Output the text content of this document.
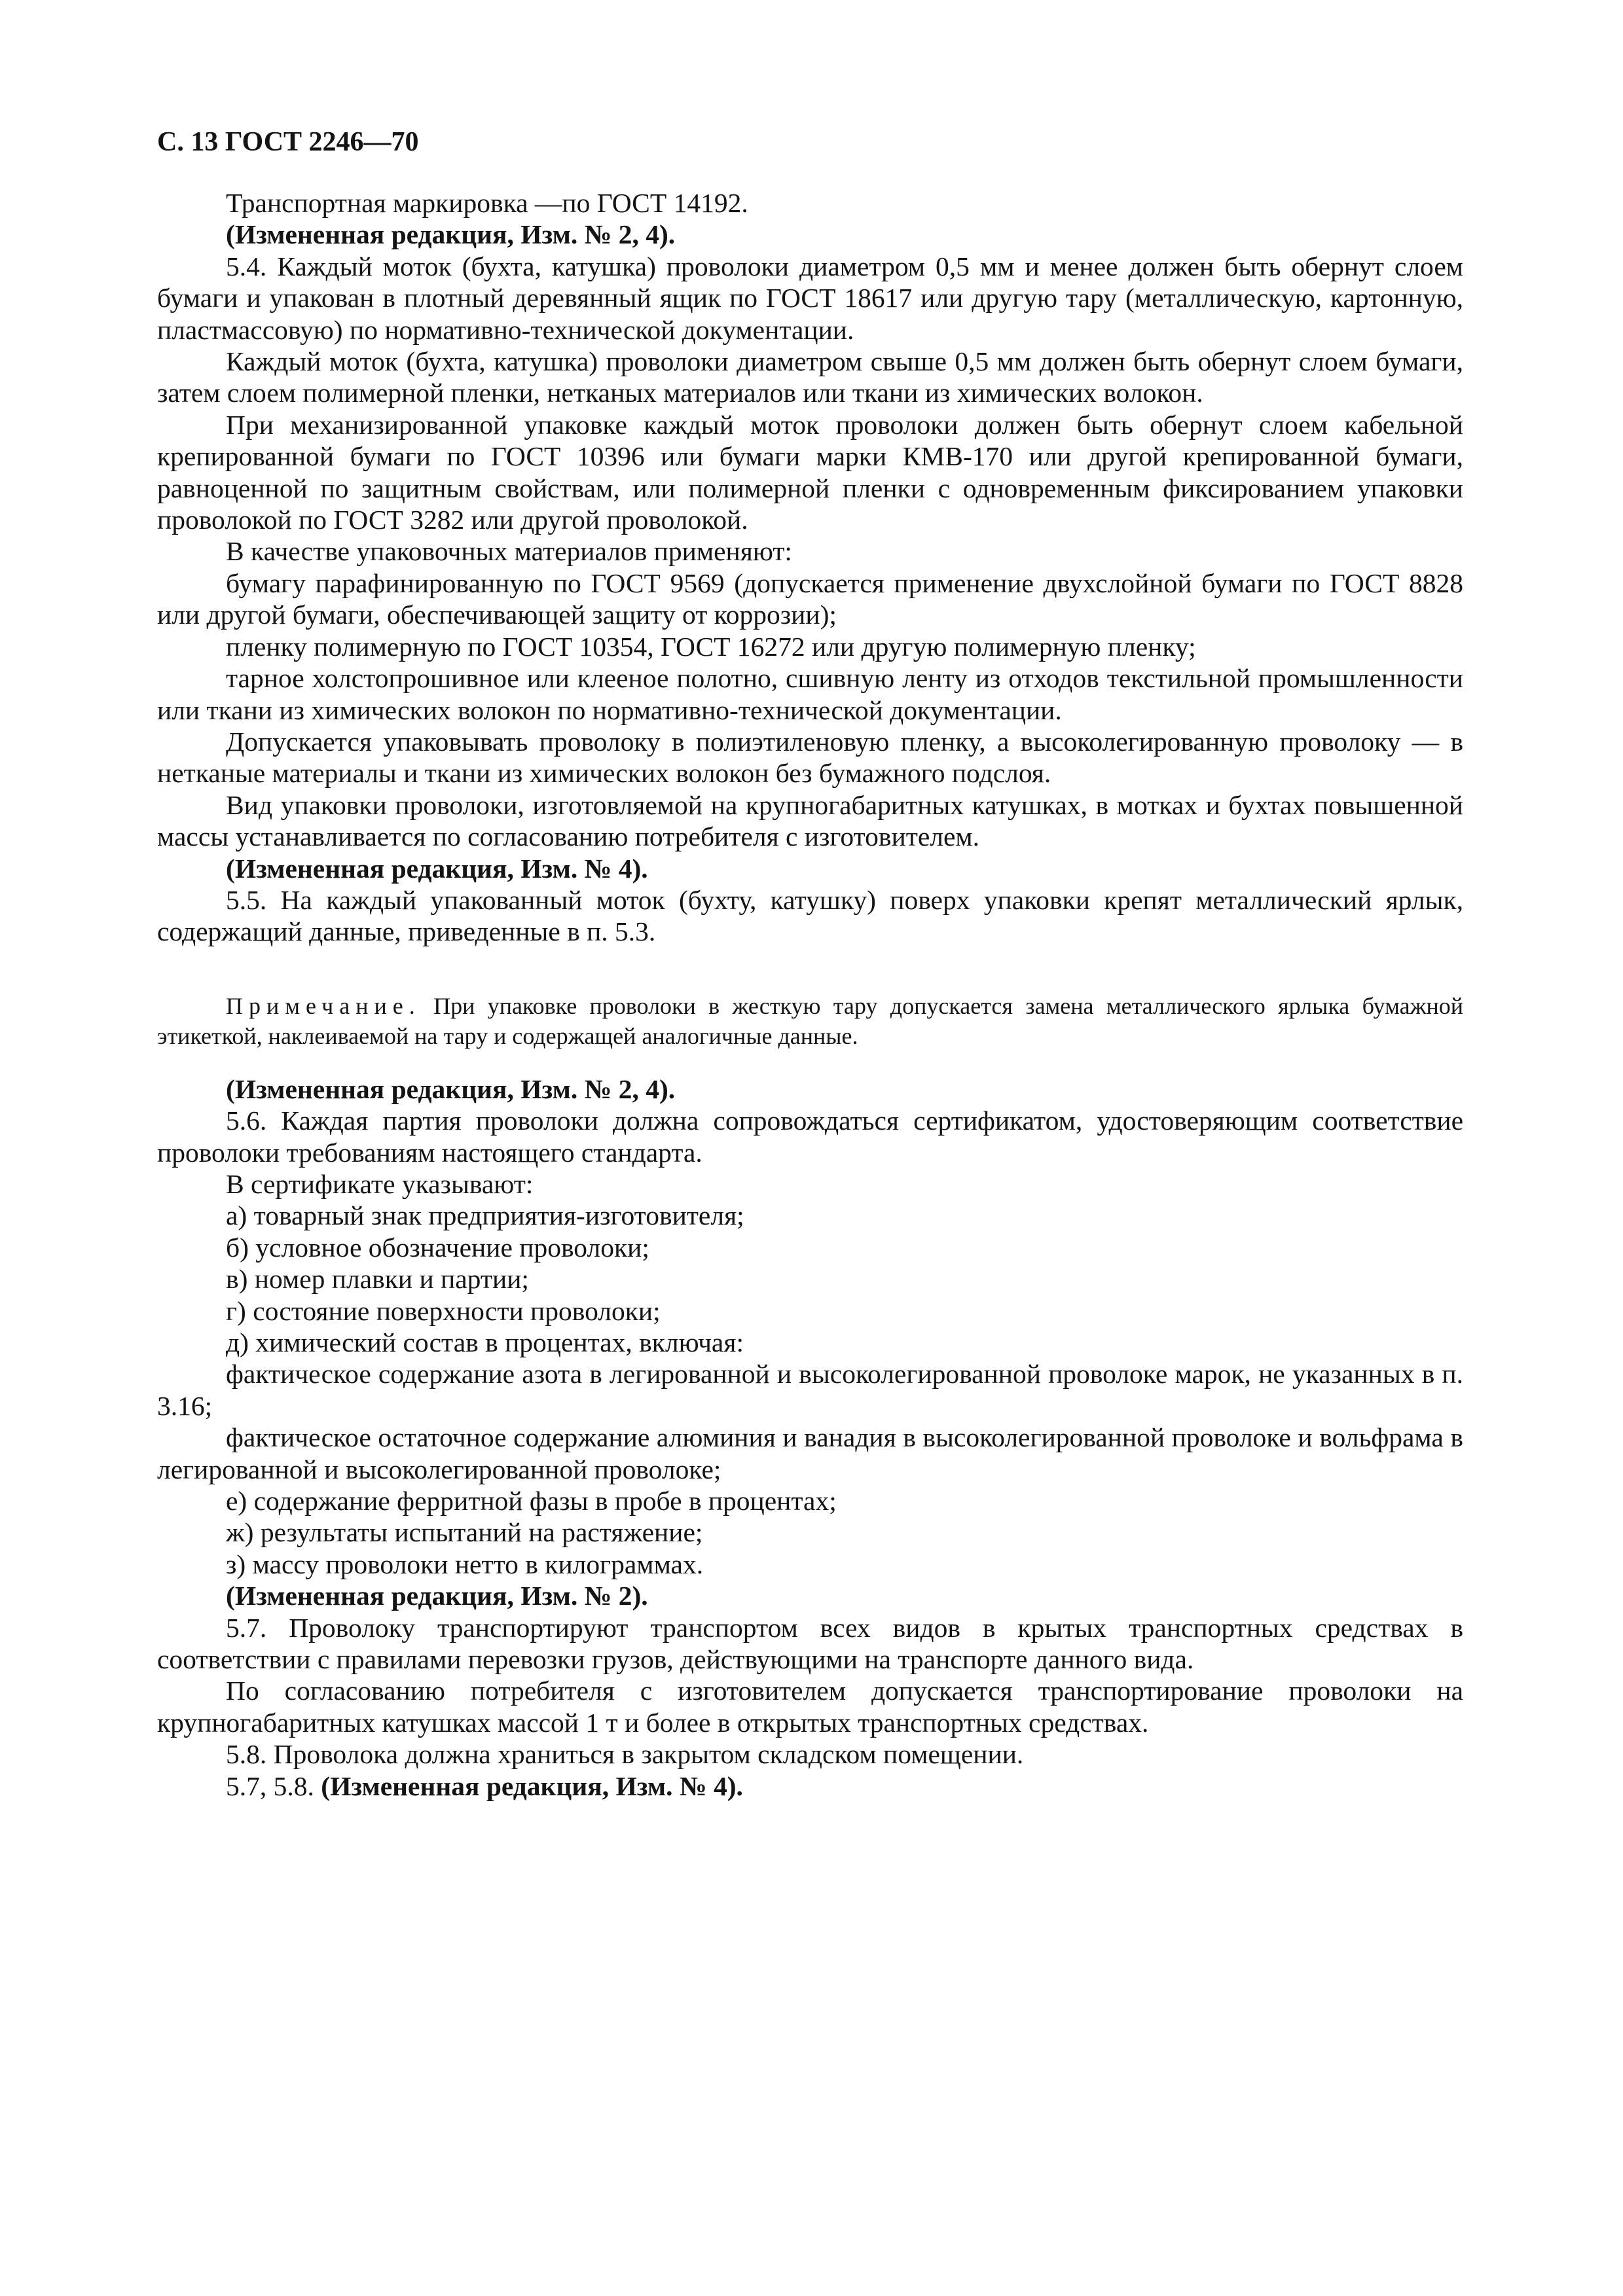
С. 13 ГОСТ 2246—70

Транспортная маркировка —по ГОСТ 14192.

(Измененная редакция, Изм. № 2, 4).

5.4. Каждый моток (бухта, катушка) проволоки диаметром 0,5 мм и менее должен быть обернут слоем бумаги и упакован в плотный деревянный ящик по ГОСТ 18617 или другую тару (металлическую, картонную, пластмассовую) по нормативно-технической документации.

Каждый моток (бухта, катушка) проволоки диаметром свыше 0,5 мм должен быть обернут слоем бумаги, затем слоем полимерной пленки, нетканых материалов или ткани из химических волокон.

При механизированной упаковке каждый моток проволоки должен быть обернут слоем кабельной крепированной бумаги по ГОСТ 10396 или бумаги марки КМВ-170 или другой крепированной бумаги, равноценной по защитным свойствам, или полимерной пленки с одновременным фиксированием упаковки проволокой по ГОСТ 3282 или другой проволокой.

В качестве упаковочных материалов применяют:

бумагу парафинированную по ГОСТ 9569 (допускается применение двухслойной бумаги по ГОСТ 8828 или другой бумаги, обеспечивающей защиту от коррозии);

пленку полимерную по ГОСТ 10354, ГОСТ 16272 или другую полимерную пленку;

тарное холстопрошивное или клееное полотно, сшивную ленту из отходов текстильной промышленности или ткани из химических волокон по нормативно-технической документации.

Допускается упаковывать проволоку в полиэтиленовую пленку, а высоколегированную проволоку — в нетканые материалы и ткани из химических волокон без бумажного подслоя.

Вид упаковки проволоки, изготовляемой на крупногабаритных катушках, в мотках и бухтах повышенной массы устанавливается по согласованию потребителя с изготовителем.

(Измененная редакция, Изм. № 4).

5.5. На каждый упакованный моток (бухту, катушку) поверх упаковки крепят металлический ярлык, содержащий данные, приведенные в п. 5.3.

Примечание. При упаковке проволоки в жесткую тару допускается замена металлического ярлыка бумажной этикеткой, наклеиваемой на тару и содержащей аналогичные данные.

(Измененная редакция, Изм. № 2, 4).

5.6. Каждая партия проволоки должна сопровождаться сертификатом, удостоверяющим соответствие проволоки требованиям настоящего стандарта.

В сертификате указывают:

а) товарный знак предприятия-изготовителя;

б) условное обозначение проволоки;

в) номер плавки и партии;

г) состояние поверхности проволоки;

д) химический состав в процентах, включая:

фактическое содержание азота в легированной и высоколегированной проволоке марок, не указанных в п. 3.16;

фактическое остаточное содержание алюминия и ванадия в высоколегированной проволоке и вольфрама в легированной и высоколегированной проволоке;

е) содержание ферритной фазы в пробе в процентах;

ж) результаты испытаний на растяжение;

з) массу проволоки нетто в килограммах.

(Измененная редакция, Изм. № 2).

5.7. Проволоку транспортируют транспортом всех видов в крытых транспортных средствах в соответствии с правилами перевозки грузов, действующими на транспорте данного вида.

По согласованию потребителя с изготовителем допускается транспортирование проволоки на крупногабаритных катушках массой 1 т и более в открытых транспортных средствах.

5.8. Проволока должна храниться в закрытом складском помещении.

5.7, 5.8. (Измененная редакция, Изм. № 4).
